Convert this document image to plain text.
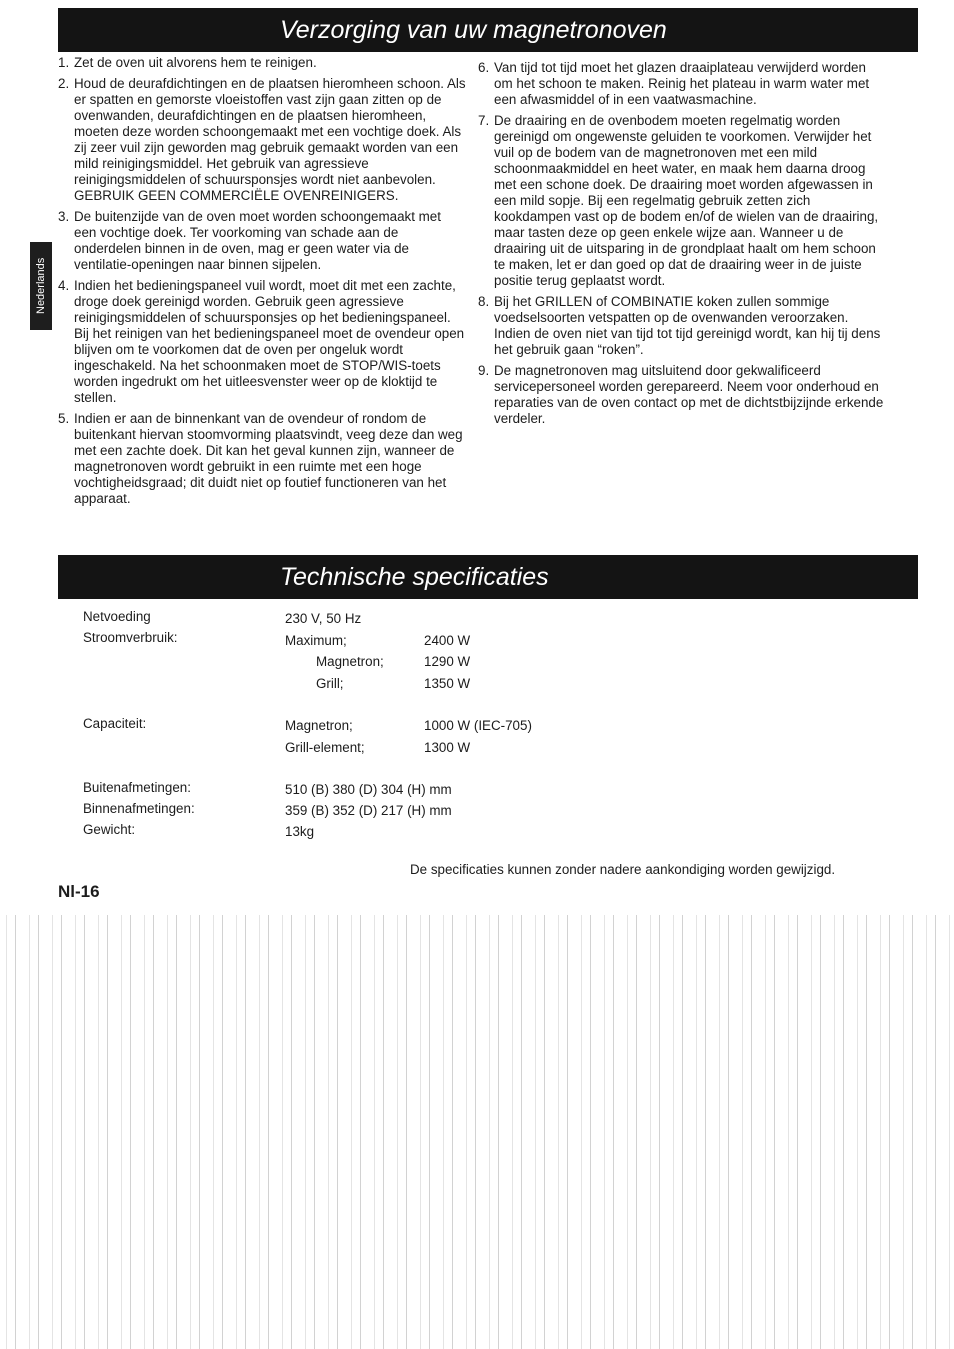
Verzorging van uw magnetronoven
Nederlands
1. Zet de oven uit alvorens hem te reinigen.
2. Houd de deurafdichtingen en de plaatsen hieromheen schoon. Als er spatten en gemorste vloeistoffen vast zijn gaan zitten op de ovenwanden, deurafdichtingen en de plaatsen hieromheen, moeten deze worden schoongemaakt met een vochtige doek. Als zij zeer vuil zijn geworden mag gebruik gemaakt worden van een mild reinigingsmiddel. Het gebruik van agressieve reinigingsmiddelen of schuursponsjes wordt niet aanbevolen.
GEBRUIK GEEN COMMERCIËLE OVENREINIGERS.
3. De buitenzijde van de oven moet worden schoongemaakt met een vochtige doek. Ter voorkoming van schade aan de onderdelen binnen in de oven, mag er geen water via de ventilatie-openingen naar binnen sijpelen.
4. Indien het bedieningspaneel vuil wordt, moet dit met een zachte, droge doek gereinigd worden. Gebruik geen agressieve reinigingsmiddelen of schuursponsjes op het bedieningspaneel. Bij het reinigen van het bedieningspaneel moet de ovendeur open blijven om te voorkomen dat de oven per ongeluk wordt ingeschakeld. Na het schoonmaken moet de STOP/WIS-toets worden ingedrukt om het uitleesvenster weer op de kloktijd te stellen.
5. Indien er aan de binnenkant van de ovendeur of rondom de buitenkant hiervan stoomvorming plaatsvindt, veeg deze dan weg met een zachte doek. Dit kan het geval kunnen zijn, wanneer de magnetronoven wordt gebruikt in een ruimte met een hoge vochtigheidsgraad; dit duidt niet op foutief functioneren van het apparaat.
6. Van tijd tot tijd moet het glazen draaiplateau verwijderd worden om het schoon te maken. Reinig het plateau in warm water met een afwasmiddel of in een vaatwasmachine.
7. De draairing en de ovenbodem moeten regelmatig worden gereinigd om ongewenste geluiden te voorkomen. Verwijder het vuil op de bodem van de magnetronoven met een mild schoonmaakmiddel en heet water, en maak hem daarna droog met een schone doek. De draairing moet worden afgewassen in een mild sopje. Bij een regelmatig gebruik zetten zich kookdampen vast op de bodem en/of de wielen van de draairing, maar tasten deze op geen enkele wijze aan. Wanneer u de draairing uit de uitsparing in de grondplaat haalt om hem schoon te maken, let er dan goed op dat de draairing weer in de juiste positie terug geplaatst wordt.
8. Bij het GRILLEN of COMBINATIE koken zullen sommige voedselsoorten vetspatten op de ovenwanden veroorzaken. Indien de oven niet van tijd tot tijd gereinigd wordt, kan hij tij dens het gebruik gaan “roken”.
9. De magnetronoven mag uitsluitend door gekwalificeerd servicepersoneel worden gerepareerd. Neem voor onderhoud en reparaties van de oven contact op met de dichtstbijzijnde erkende verdeler.
Technische specificaties
Netvoeding	230 V, 50 Hz
Stroomverbruik:	Maximum;	2400 W
Magnetron;	1290 W
Grill;	1350 W
Capaciteit:	Magnetron;	1000 W (IEC-705)
Grill-element;	1300 W
Buitenafmetingen:	510 (B) 380 (D) 304 (H) mm
Binnenafmetingen:	359 (B) 352 (D) 217 (H) mm
Gewicht:	13kg
De specificaties kunnen zonder nadere aankondiging worden gewijzigd.
Nl-16
